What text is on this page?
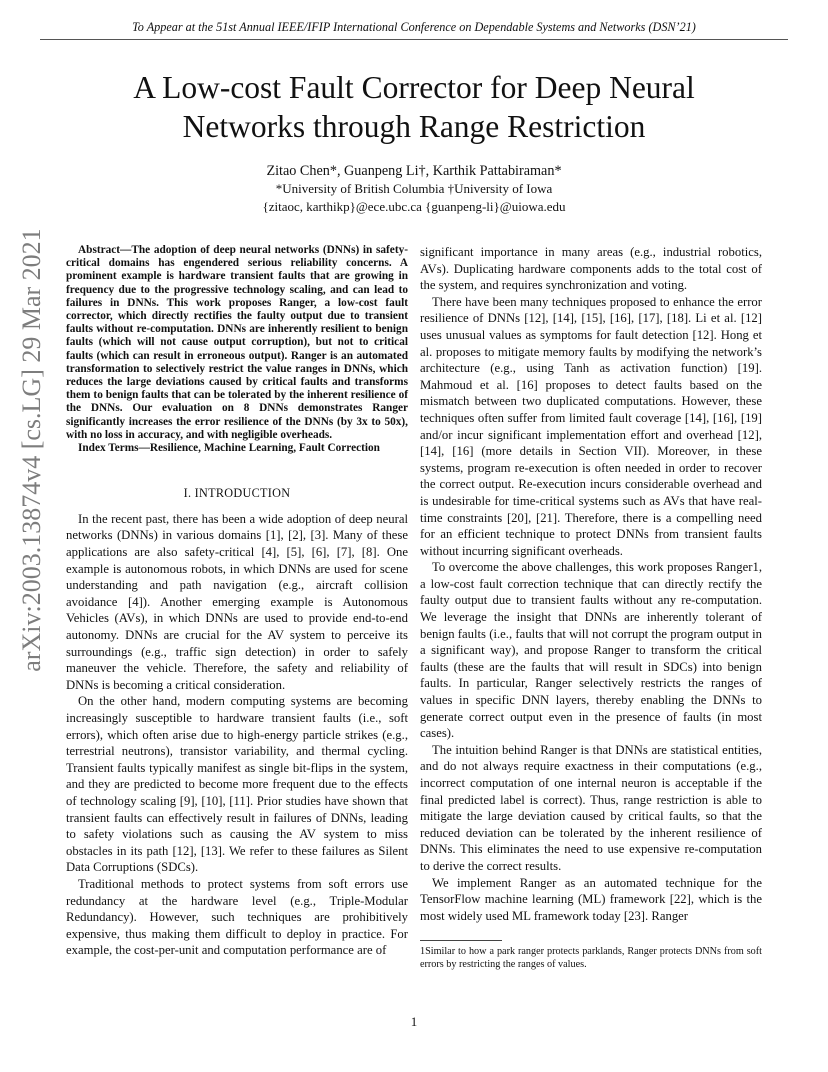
To Appear at the 51st Annual IEEE/IFIP International Conference on Dependable Systems and Networks (DSN’21)
A Low-cost Fault Corrector for Deep Neural
Networks through Range Restriction
Zitao Chen*, Guanpeng Li†, Karthik Pattabiraman*
*University of British Columbia †University of Iowa
{zitaoc, karthikp}@ece.ubc.ca {guanpeng-li}@uiowa.edu
arXiv:2003.13874v4 [cs.LG] 29 Mar 2021	Abstract—The adoption of deep neural networks (DNNs) in safety-critical domains has engendered serious reliability concerns. A prominent example is hardware transient faults that are growing in frequency due to the progressive technology scaling, and can lead to failures in DNNs. This work proposes Ranger, a low-cost fault corrector, which directly rectifies the faulty output due to transient faults without re-computation. DNNs are inherently resilient to benign faults (which will not cause output corruption), but not to critical faults (which can result in erroneous output). Ranger is an automated transformation to selectively restrict the value ranges in DNNs, which reduces the large deviations caused by critical faults and transforms them to benign faults that can be tolerated by the inherent resilience of the DNNs. Our evaluation on 8 DNNs demonstrates Ranger significantly increases the error resilience of the DNNs (by 3x to 50x), with no loss in accuracy, and with negligible overheads.

Index Terms—Resilience, Machine Learning, Fault Correction

I. INTRODUCTION

In the recent past, there has been a wide adoption of deep neural networks (DNNs) in various domains [1], [2], [3]. Many of these applications are also safety-critical [4], [5], [6], [7], [8]. One example is autonomous robots, in which DNNs are used for scene understanding and path navigation (e.g., aircraft collision avoidance [4]). Another emerging example is Autonomous Vehicles (AVs), in which DNNs are used to provide end-to-end autonomy. DNNs are crucial for the AV system to perceive its surroundings (e.g., traffic sign detection) in order to safely maneuver the vehicle. Therefore, the safety and reliability of DNNs is becoming a critical consideration.

On the other hand, modern computing systems are becoming increasingly susceptible to hardware transient faults (i.e., soft errors), which often arise due to high-energy particle strikes (e.g., terrestrial neutrons), transistor variability, and thermal cycling. Transient faults typically manifest as single bit-flips in the system, and they are predicted to become more frequent due to the effects of technology scaling [9], [10], [11]. Prior studies have shown that transient faults can effectively result in failures of DNNs, leading to safety violations such as causing the AV system to miss obstacles in its path [12], [13]. We refer to these failures as Silent Data Corruptions (SDCs).

Traditional methods to protect systems from soft errors use redundancy at the hardware level (e.g., Triple-Modular Redundancy). However, such techniques are prohibitively expensive, thus making them difficult to deploy in practice. For example, the cost-per-unit and computation performance are of

significant importance in many areas (e.g., industrial robotics, AVs). Duplicating hardware components adds to the total cost of the system, and requires synchronization and voting.

There have been many techniques proposed to enhance the error resilience of DNNs [12], [14], [15], [16], [17], [18]. Li et al. [12] uses unusual values as symptoms for fault detection [12]. Hong et al. proposes to mitigate memory faults by modifying the network’s architecture (e.g., using Tanh as activation function) [19]. Mahmoud et al. [16] proposes to detect faults based on the mismatch between two duplicated computations. However, these techniques often suffer from limited fault coverage [14], [16], [19] and/or incur significant implementation effort and overhead [12], [14], [16] (more details in Section VII). Moreover, in these systems, program re-execution is often needed in order to recover the correct output. Re-execution incurs considerable overhead and is undesirable for time-critical systems such as AVs that have real-time constraints [20], [21]. Therefore, there is a compelling need for an efficient technique to protect DNNs from transient faults without incurring significant overheads.

To overcome the above challenges, this work proposes Ranger1, a low-cost fault correction technique that can directly rectify the faulty output due to transient faults without any re-computation. We leverage the insight that DNNs are inherently tolerant of benign faults (i.e., faults that will not corrupt the program output in a significant way), and propose Ranger to transform the critical faults (these are the faults that will result in SDCs) into benign faults. In particular, Ranger selectively restricts the ranges of values in specific DNN layers, thereby enabling the DNNs to generate correct output even in the presence of faults (in most cases).

The intuition behind Ranger is that DNNs are statistical entities, and do not always require exactness in their computations (e.g., incorrect computation of one internal neuron is acceptable if the final predicted label is correct). Thus, range restriction is able to mitigate the large deviation caused by critical faults, so that the reduced deviation can be tolerated by the inherent resilience of DNNs. This eliminates the need to use expensive re-computation to derive the correct results.

We implement Ranger as an automated technique for the TensorFlow machine learning (ML) framework [22], which is the most widely used ML framework today [23]. Ranger

1Similar to how a park ranger protects parklands, Ranger protects DNNs from soft errors by restricting the ranges of values.
1
